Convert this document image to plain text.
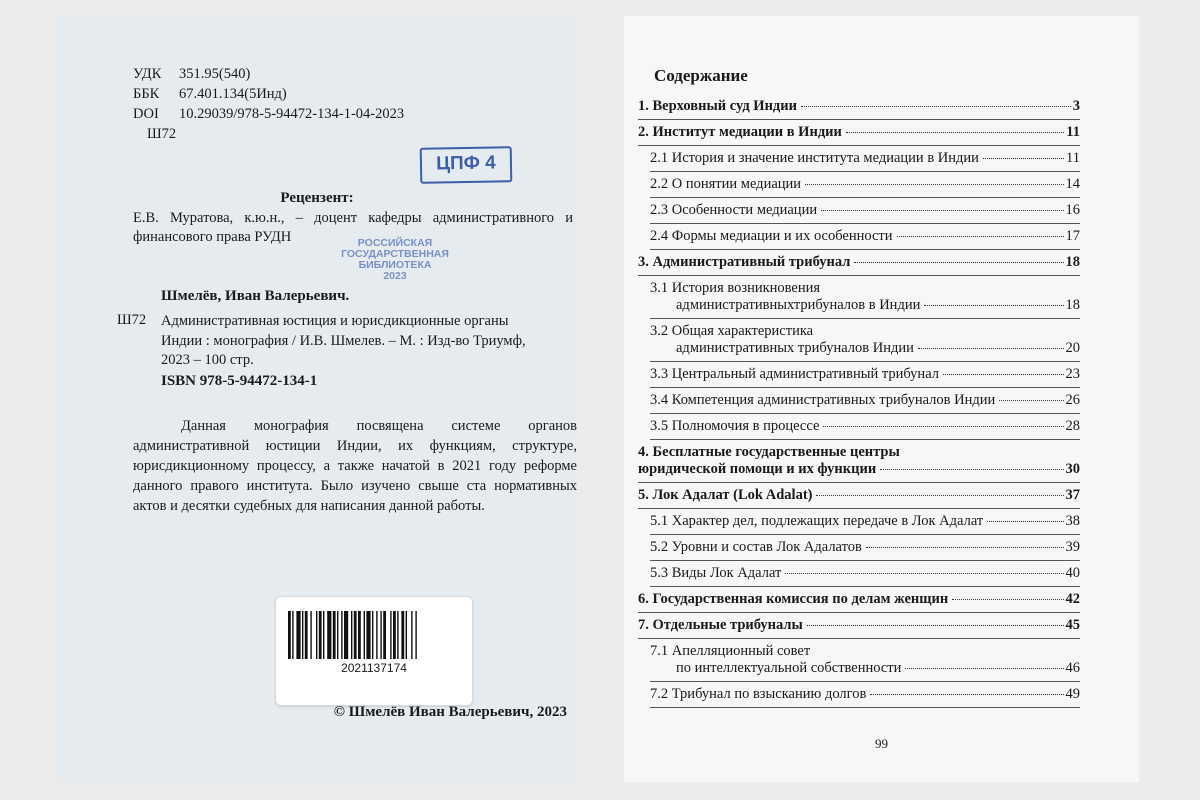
УДК	351.95(540)
ББК	67.401.134(5Инд)
DOI	10.29039/978-5-94472-134-1-04-2023
Ш72
ЦПФ 4
Рецензент:
Е.В. Муратова, к.ю.н., – доцент кафедры административного и финансового права РУДН	РОССИЙСКАЯ
ГОСУДАРСТВЕННАЯ
БИБЛИОТЕКА
2023
Шмелёв, Иван Валерьевич.
Ш72 Административная юстиция и юрисдикционные органы Индии : монография / И.В. Шмелев. – М. : Изд-во Триумф, 2023 – 100 стр.
ISBN 978-5-94472-134-1
Данная монография посвящена системе органов административной юстиции Индии, их функциям, структуре, юрисдикционному процессу, а также начатой в 2021 году реформе данного правого института. Было изучено свыше ста нормативных актов и десятки судебных для написания данной работы.
2021137174
© Шмелёв Иван Валерьевич, 2023
Содержание
1. Верховный суд Индии	3
2. Институт медиации в Индии	11
2.1 История и значение института медиации в Индии	11
2.2 О понятии медиации	14
2.3 Особенности медиации	16
2.4 Формы медиации и их особенности	17
3. Административный трибунал	18
3.1 История возникновения
административныхтрибуналов в Индии	18
3.2 Общая характеристика
административных трибуналов Индии	20
3.3 Центральный административный трибунал	23
3.4 Компетенция административных трибуналов Индии	26
3.5 Полномочия в процессе	28
4. Бесплатные государственные центры
юридической помощи и их функции	30
5. Лок Адалат (Lok Adalat)	37
5.1 Характер дел, подлежащих передаче в Лок Адалат	38
5.2 Уровни и состав Лок Адалатов	39
5.3 Виды Лок Адалат	40
6. Государственная комиссия по делам женщин	42
7. Отдельные трибуналы	45
7.1 Апелляционный совет
по интеллектуальной собственности	46
7.2 Трибунал по взысканию долгов	49
99
